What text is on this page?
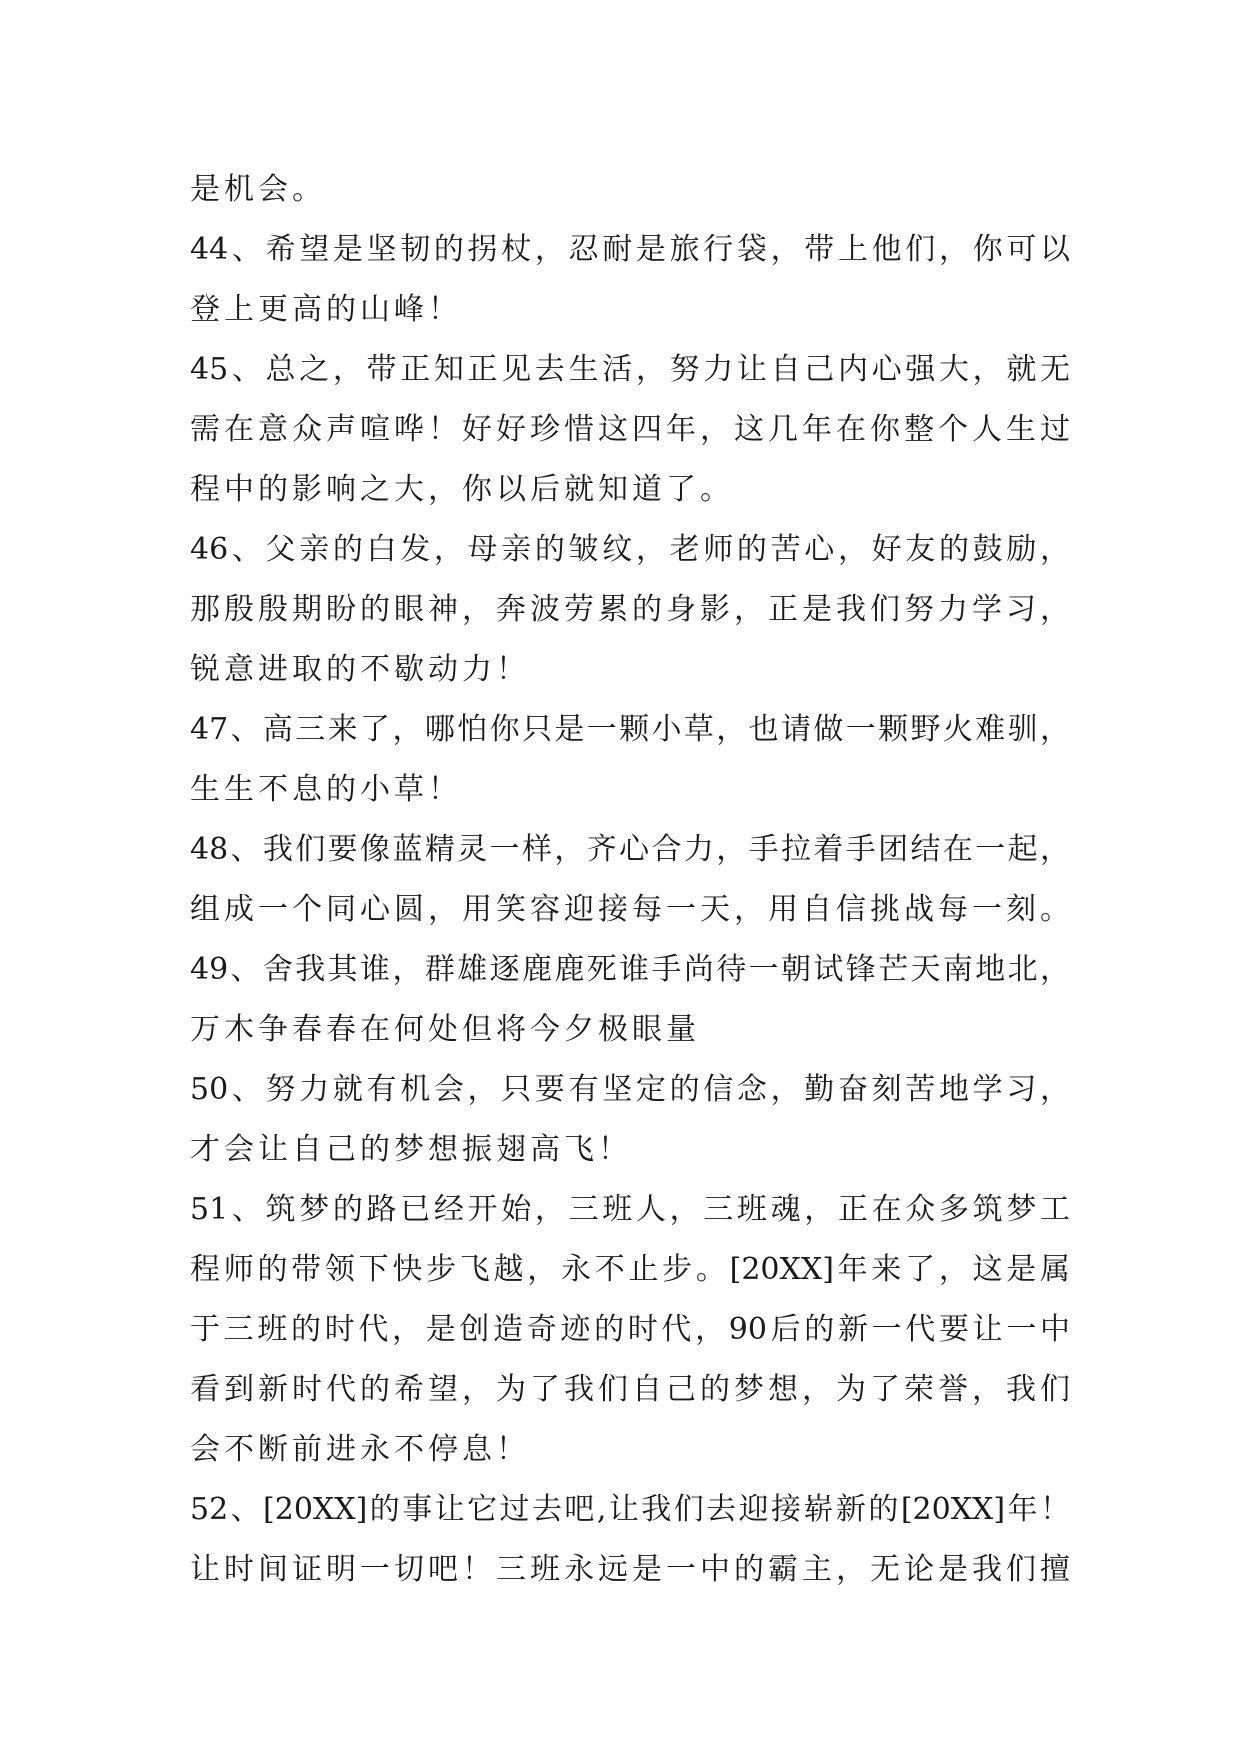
是机会。
44、希望是坚韧的拐杖，忍耐是旅行袋，带上他们，你可以
登上更高的山峰！
45、总之，带正知正见去生活，努力让自己内心强大，就无
需在意众声喧哗！好好珍惜这四年，这几年在你整个人生过
程中的影响之大，你以后就知道了。
46、父亲的白发，母亲的皱纹，老师的苦心，好友的鼓励，
那殷殷期盼的眼神，奔波劳累的身影，正是我们努力学习，
锐意进取的不歇动力！
47、高三来了，哪怕你只是一颗小草，也请做一颗野火难驯，
生生不息的小草！
48、我们要像蓝精灵一样，齐心合力，手拉着手团结在一起，
组成一个同心圆，用笑容迎接每一天，用自信挑战每一刻。
49、舍我其谁，群雄逐鹿鹿死谁手尚待一朝试锋芒天南地北，
万木争春春在何处但将今夕极眼量
50、努力就有机会，只要有坚定的信念，勤奋刻苦地学习，
才会让自己的梦想振翅高飞！
51、筑梦的路已经开始，三班人，三班魂，正在众多筑梦工
程师的带领下快步飞越，永不止步。[20XX]年来了，这是属
于三班的时代，是创造奇迹的时代，90后的新一代要让一中
看到新时代的希望，为了我们自己的梦想，为了荣誉，我们
会不断前进永不停息！
52、[20XX]的事让它过去吧,让我们去迎接崭新的[20XX]年！
让时间证明一切吧！三班永远是一中的霸主，无论是我们擅
